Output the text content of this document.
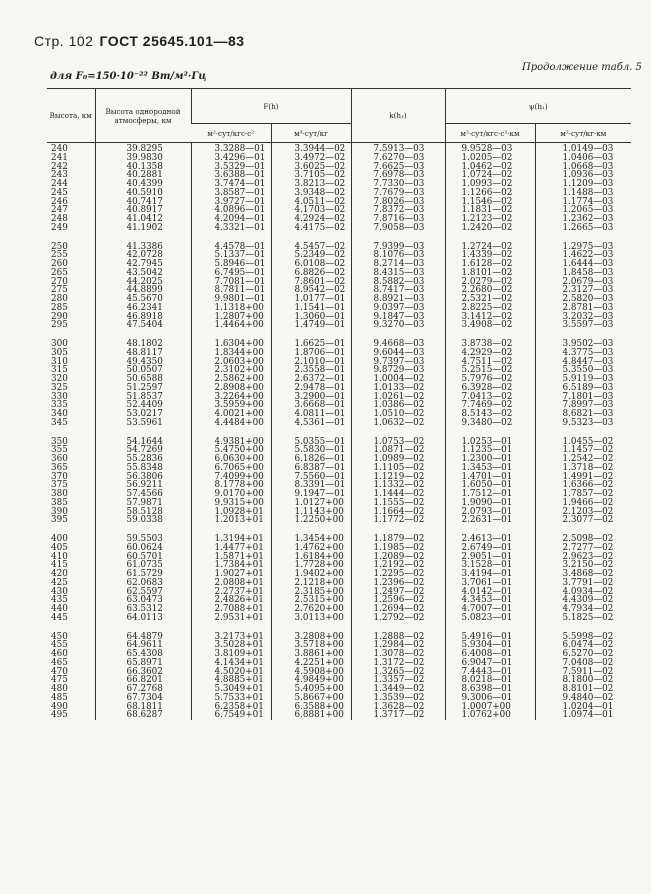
Стр. 102 ГОСТ 25645.101—83
для F₀=150·10⁻²² Вт/м²·Гц
Продолжение табл. 5
Высота, км	Высота однородной атмосферы, км	F(h)		k(h₁)	ψ(h₁)	
		м²·сут/кгс·с²	м³·сут/кг		м²·сут/кгс·с²·км	м²·сут/кг·км
240	39.8295	3.3288—01	3.3944—02	7.5913—03	9.9528—03	1.0149—03
241	39.9830	3.4296—01	3.4972—02	7.6270—03	1.0205—02	1.0406—03
242	40.1358	3.5329—01	3.6025—02	7.6625—03	1.0462—02	1.0668—03
243	40.2881	3.6388—01	3.7105—02	7.6978—03	1.0724—02	1.0936—03
244	40.4399	3.7474—01	3.8213—02	7.7330—03	1.0993—02	1.1209—03
245	40.5910	3.8587—01	3.9348—02	7.7679—03	1.1266—02	1.1488—03
246	40.7417	3.9727—01	4.0511—02	7.8026—03	1.1546—02	1.1774—03
247	40.8917	4.0896—01	4.1703—02	7.8372—03	1.1831—02	1.2065—03
248	41.0412	4.2094—01	4.2924—02	7.8716—03	1.2123—02	1.2362—03
249	41.1902	4.3321—01	4.4175—02	7.9058—03	1.2420—02	1.2665—03

250	41.3386	4.4578—01	4.5457—02	7.9399—03	1.2724—02	1.2975—03
255	42.0728	5.1337—01	5.2349—02	8.1076—03	1.4339—02	1.4622—03
260	42.7945	5.8946—01	6.0108—02	8.2714—03	1.6128—02	1.6444—03
265	43.5042	6.7495—01	6.8826—02	8.4315—03	1.8101—02	1.8458—03
270	44.2025	7.7081—01	7.8601—02	8.5882—03	2.0279—02	2.0679—03
275	44.8899	8.7811—01	8.9542—02	8.7417—03	2.2680—02	2.3127—03
280	45.5670	9.9801—01	1.0177—01	8.8921—03	2.5321—02	2.5820—03
285	46.2341	1.1318+00	1.1541—01	9.0397—03	2.8225—02	2.8781—03
290	46.8918	1.2807+00	1.3060—01	9.1847—03	3.1412—02	3.2032—03
295	47.5404	1.4464+00	1.4749—01	9.3270—03	3.4908—02	3.5597—03

300	48.1802	1.6304+00	1.6625—01	9.4668—03	3.8738—02	3.9502—03
305	48.8117	1.8344+00	1.8706—01	9.6044—03	4.2929—02	4.3775—03
310	49.4350	2.0603+00	2.1010—01	9.7397—03	4.7511—02	4.8447—03
315	50.0507	2.3102+00	2.3558—01	9.8729—03	5.2515—02	5.3550—03
320	50.6588	2.5862+00	2.6372—01	1.0004—02	5.7976—02	5.9119—03
325	51.2597	2.8908+00	2.9478—01	1.0133—02	6.3928—02	6.5189—03
330	51.8537	3.2264+00	3.2900—01	1.0261—02	7.0413—02	7.1801—03
335	52.4409	3.5959+00	3.6668—01	1.0386—02	7.7469—02	7.8997—03
340	53.0217	4.0021+00	4.0811—01	1.0510—02	8.5143—02	8.6821—03
345	53.5961	4.4484+00	4.5361—01	1.0632—02	9.3480—02	9.5323—03

350	54.1644	4.9381+00	5.0355—01	1.0753—02	1.0253—01	1.0455—02
355	54.7269	5.4750+00	5.5830—01	1.0871—02	1.1235—01	1.1457—02
360	55.2836	6.0630+00	6.1826—01	1.0989—02	1.2300—01	1.2542—02
365	55.8348	6.7065+00	6.8387—01	1.1105—02	1.3453—01	1.3718—02
370	56.3806	7.4099+00	7.5560—01	1.1219—02	1.4701—01	1.4991—02
375	56.9211	8.1778+00	8.3391—01	1.1332—02	1.6050—01	1.6366—02
380	57.4566	9.0170+00	9.1947—01	1.1444—02	1.7512—01	1.7857—02
385	57.9871	9.9315+00	1.0127+00	1.1555—02	1.9090—01	1.9466—02
390	58.5128	1.0928+01	1.1143+00	1.1664—02	2.0793—01	2.1203—02
395	59.0338	1.2013+01	1.2250+00	1.1772—02	2.2631—01	2.3077—02

400	59.5503	1.3194+01	1.3454+00	1.1879—02	2.4613—01	2.5098—02
405	60.0624	1.4477+01	1.4762+00	1.1985—02	2.6749—01	2.7277—02
410	60.5701	1.5871+01	1.6184+00	1.2089—02	2.9051—01	2.9623—02
415	61.0735	1.7384+01	1.7728+00	1.2192—02	3.1528—01	3.2150—02
420	61.5729	1.9027+01	1.9402+00	1.2295—02	3.4194—01	3.4868—02
425	62.0683	2.0808+01	2.1218+00	1.2396—02	3.7061—01	3.7791—02
430	62.5597	2.2737+01	2.3185+00	1.2497—02	4.0142—01	4.0934—02
435	63.0473	2.4826+01	2.5315+00	1.2596—02	4.3453—01	4.4309—02
440	63.5312	2.7088+01	2.7620+00	1.2694—02	4.7007—01	4.7934—02
445	64.0113	2.9531+01	3.0113+00	1.2792—02	5.0823—01	5.1825—02

450	64.4879	3.2173+01	3.2808+00	1.2888—02	5.4916—01	5.5998—02
455	64.9611	3.5028+01	3.5718+00	1.2984—02	5.9304—01	6.0474—02
460	65.4308	3.8109+01	3.8861+00	1.3078—02	6.4008—01	6.5270—02
465	65.8971	4.1434+01	4.2251+00	1.3172—02	6.9047—01	7.0408—02
470	66.3602	4.5020+01	4.5908+00	1.3265—02	7.4443—01	7.5911—02
475	66.8201	4.8885+01	4.9849+00	1.3357—02	8.0218—01	8.1800—02
480	67.2768	5.3049+01	5.4095+00	1.3449—02	8.6398—01	8.8101—02
485	67.7304	5.7533+01	5.8667+00	1.3539—02	9.3006—01	9.4840—02
490	68.1811	6.2358+01	6.3588+00	1.3628—02	1.0007+00	1.0204—01
495	68.6287	6.7549+01	6.8881+00	1.3717—02	1.0762+00	1.0974—01
